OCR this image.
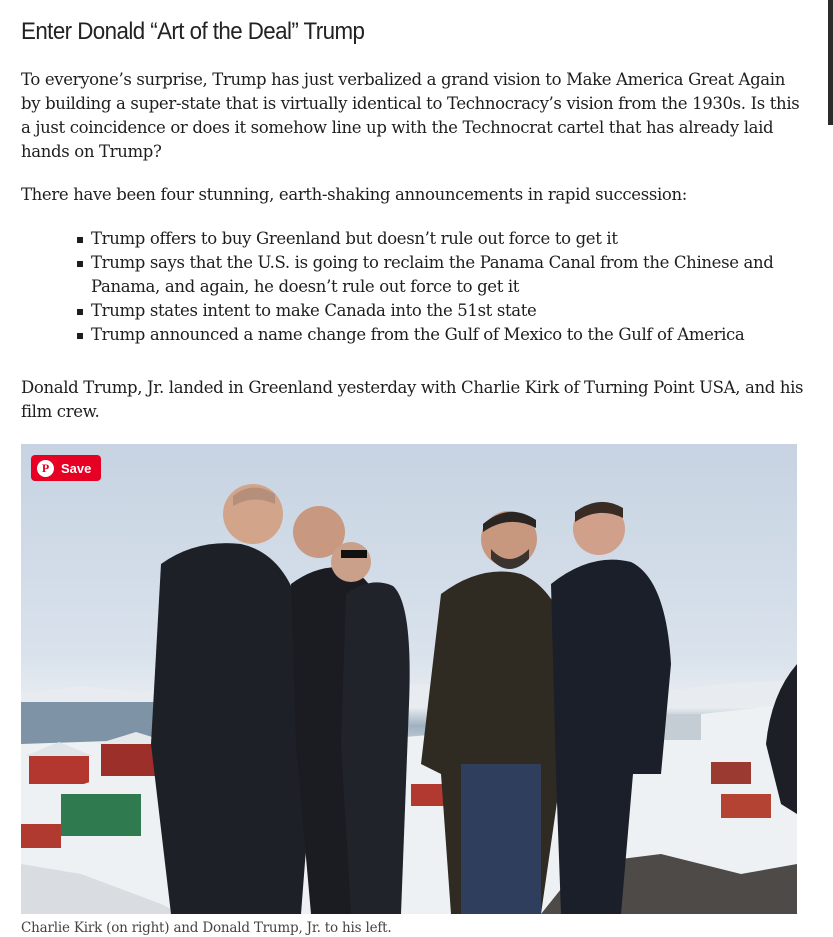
Enter Donald “Art of the Deal” Trump

To everyone’s surprise, Trump has just verbalized a grand vision to Make America Great Again by building a super-state that is virtually identical to Technocracy’s vision from the 1930s. Is this a just coincidence or does it somehow line up with the Technocrat cartel that has already laid hands on Trump?

There have been four stunning, earth-shaking announcements in rapid succession:

Trump offers to buy Greenland but doesn’t rule out force to get it
Trump says that the U.S. is going to reclaim the Panama Canal from the Chinese and Panama, and again, he doesn’t rule out force to get it
Trump states intent to make Canada into the 51st state
Trump announced a name change from the Gulf of Mexico to the Gulf of America

Donald Trump, Jr. landed in Greenland yesterday with Charlie Kirk of Turning Point USA, and his film crew.

P Save
Charlie Kirk (on right) and Donald Trump, Jr. to his left.
